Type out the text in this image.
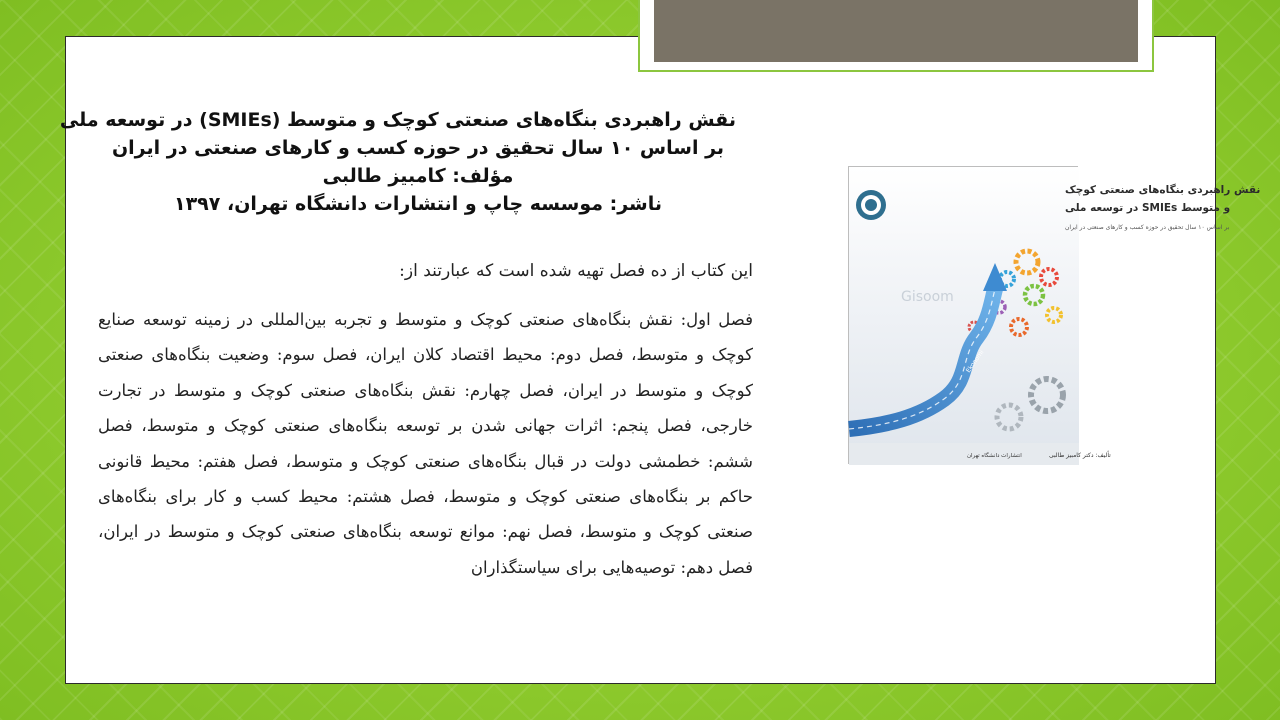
نقش راهبردی بنگاه‌های صنعتی کوچک و متوسط (SMIEs) در توسعه ملی
بر اساس ۱۰ سال تحقیق در حوزه کسب و کارهای صنعتی در ایران
مؤلف: کامبیز طالبی
ناشر: موسسه چاپ و انتشارات دانشگاه تهران، ۱۳۹۷
این کتاب از ده فصل تهیه شده است که عبارتند از:

فصل اول: نقش بنگاه‌های صنعتی کوچک و متوسط و تجربه بین‌المللی در زمینه توسعه صنایع کوچک و متوسط، فصل دوم: محیط اقتصاد کلان ایران، فصل سوم: وضعیت بنگاه‌های صنعتی کوچک و متوسط در ایران، فصل چهارم: نقش بنگاه‌های صنعتی کوچک و متوسط در تجارت خارجی، فصل پنجم: اثرات جهانی شدن بر توسعه بنگاه‌های صنعتی کوچک و متوسط، فصل ششم: خطمشی دولت در قبال بنگاه‌های صنعتی کوچک و متوسط، فصل هفتم: محیط قانونی حاکم بر بنگاه‌های صنعتی کوچک و متوسط، فصل هشتم: محیط کسب و کار برای بنگاه‌های صنعتی کوچک و متوسط، فصل نهم: موانع توسعه بنگاه‌های صنعتی کوچک و متوسط در ایران، فصل دهم: توصیه‌هایی برای سیاستگذاران

نقش راهبردی بنگاه‌های صنعتی کوچک
و متوسط SMIEs در توسعه ملی
بر اساس ۱۰ سال تحقیق در حوزه کسب و کارهای صنعتی در ایران
Gisoom
Ekonomi
تألیف: دکتر کامبیز طالبی
انتشارات دانشگاه تهران
